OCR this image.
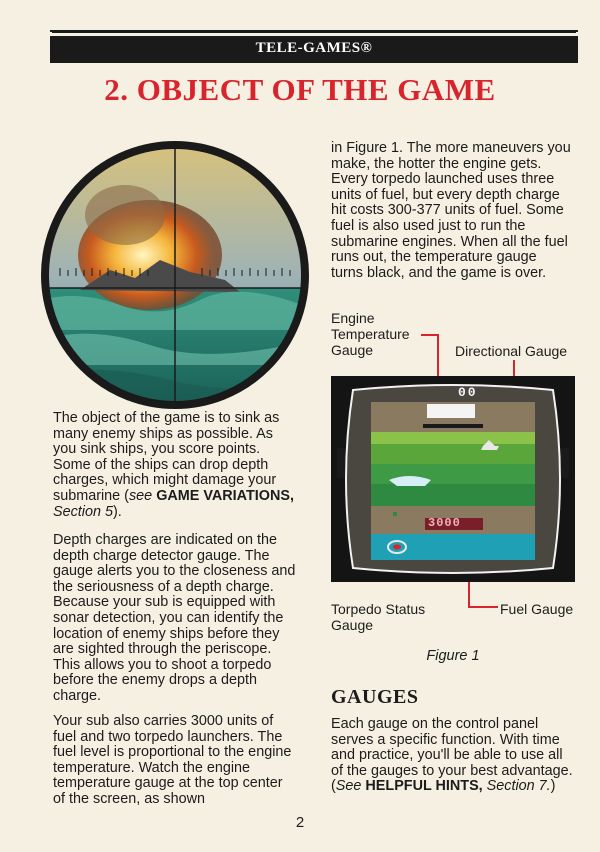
TELE-GAMES®
2. OBJECT OF THE GAME

The object of the game is to sink as many enemy ships as possible. As you sink ships, you score points. Some of the ships can drop depth charges, which might damage your submarine (see GAME VARIATIONS, Section 5).

Depth charges are indicated on the depth charge detector gauge. The gauge alerts you to the closeness and the seriousness of a depth charge. Because your sub is equipped with sonar detection, you can identify the location of enemy ships before they are sighted through the periscope. This allows you to shoot a torpedo before the enemy drops a depth charge.

Your sub also carries 3000 units of fuel and two torpedo launchers. The fuel level is proportional to the engine temperature. Watch the engine temperature gauge at the top center of the screen, as shown

in Figure 1. The more maneuvers you make, the hotter the engine gets. Every torpedo launched uses three units of fuel, but every depth charge hit costs 300-377 units of fuel. Some fuel is also used just to run the submarine engines. When all the fuel runs out, the temperature gauge turns black, and the game is over.

Engine
Temperature
Gauge	Directional Gauge
00
3000
Torpedo Status
Gauge
Fuel Gauge
Figure 1
GAUGES

Each gauge on the control panel serves a specific function. With time and practice, you'll be able to use all of the gauges to your best advantage. (See HELPFUL HINTS, Section 7.)

2
